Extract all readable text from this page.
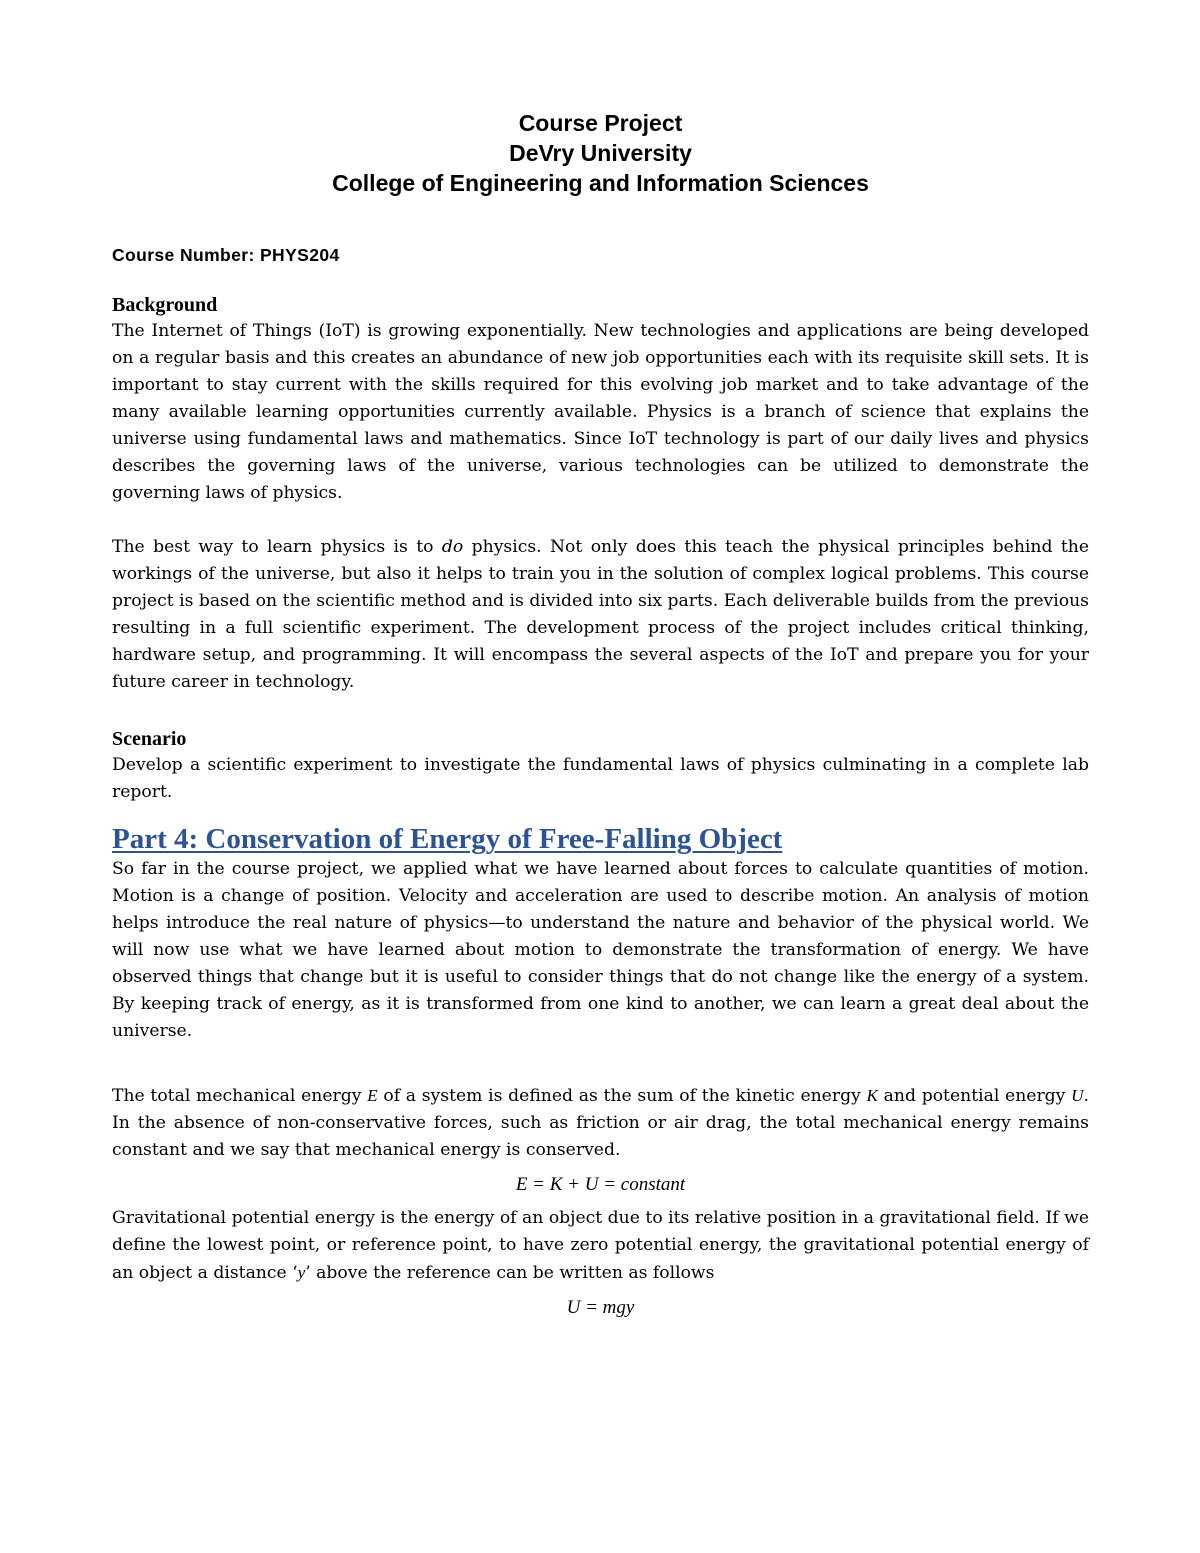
Course Project
DeVry University
College of Engineering and Information Sciences
Course Number: PHYS204
Background

The Internet of Things (IoT) is growing exponentially. New technologies and applications are being developed on a regular basis and this creates an abundance of new job opportunities each with its requisite skill sets. It is important to stay current with the skills required for this evolving job market and to take advantage of the many available learning opportunities currently available. Physics is a branch of science that explains the universe using fundamental laws and mathematics. Since IoT technology is part of our daily lives and physics describes the governing laws of the universe, various technologies can be utilized to demonstrate the governing laws of physics.

The best way to learn physics is to do physics. Not only does this teach the physical principles behind the workings of the universe, but also it helps to train you in the solution of complex logical problems. This course project is based on the scientific method and is divided into six parts. Each deliverable builds from the previous resulting in a full scientific experiment. The development process of the project includes critical thinking, hardware setup, and programming. It will encompass the several aspects of the IoT and prepare you for your future career in technology.

Scenario

Develop a scientific experiment to investigate the fundamental laws of physics culminating in a complete lab report.

Part 4: Conservation of Energy of Free-Falling Object

So far in the course project, we applied what we have learned about forces to calculate quantities of motion. Motion is a change of position. Velocity and acceleration are used to describe motion. An analysis of motion helps introduce the real nature of physics—to understand the nature and behavior of the physical world. We will now use what we have learned about motion to demonstrate the transformation of energy. We have observed things that change but it is useful to consider things that do not change like the energy of a system. By keeping track of energy, as it is transformed from one kind to another, we can learn a great deal about the universe.

The total mechanical energy E of a system is defined as the sum of the kinetic energy K and potential energy U. In the absence of non-conservative forces, such as friction or air drag, the total mechanical energy remains constant and we say that mechanical energy is conserved.

E = K + U = constant

Gravitational potential energy is the energy of an object due to its relative position in a gravitational field. If we define the lowest point, or reference point, to have zero potential energy, the gravitational potential energy of an object a distance ‘y’ above the reference can be written as follows

U = mgy
